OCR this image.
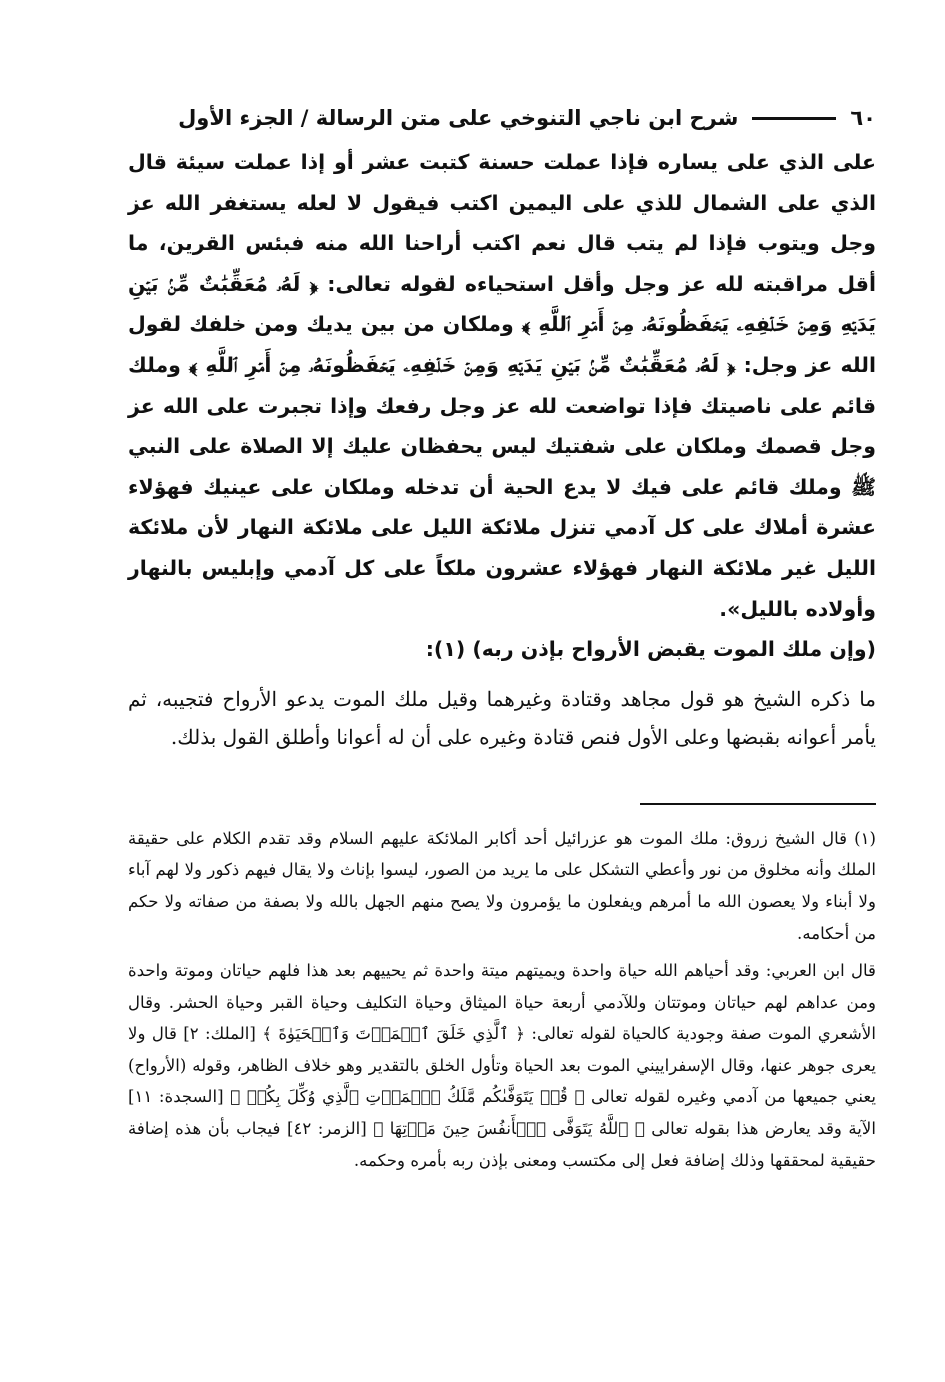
٦٠
شرح ابن ناجي التنوخي على متن الرسالة / الجزء الأول

على الذي على يساره فإذا عملت حسنة كتبت عشر أو إذا عملت سيئة قال الذي على الشمال للذي على اليمين اكتب فيقول لا لعله يستغفر الله عز وجل ويتوب فإذا لم يتب قال نعم اكتب أراحنا الله منه فبئس القرين، ما أقل مراقبته لله عز وجل وأقل استحياءه لقوله تعالى: ﴿ لَهُۥ مُعَقِّبَٰتٌ مِّنۢ بَيۡنِ يَدَيۡهِ وَمِنۡ خَلۡفِهِۦ يَحۡفَظُونَهُۥ مِنۡ أَمۡرِ ٱللَّهِ ﴾ وملكان من بين يديك ومن خلفك لقول الله عز وجل: ﴿ لَهُۥ مُعَقِّبَٰتٌ مِّنۢ بَيۡنِ يَدَيۡهِ وَمِنۡ خَلۡفِهِۦ يَحۡفَظُونَهُۥ مِنۡ أَمۡرِ ٱللَّهِ ﴾ وملك قائم على ناصيتك فإذا تواضعت لله عز وجل رفعك وإذا تجبرت على الله عز وجل قصمك وملكان على شفتيك ليس يحفظان عليك إلا الصلاة على النبي ﷺ وملك قائم على فيك لا يدع الحية أن تدخله وملكان على عينيك فهؤلاء عشرة أملاك على كل آدمي تنزل ملائكة الليل على ملائكة النهار لأن ملائكة الليل غير ملائكة النهار فهؤلاء عشرون ملكاً على كل آدمي وإبليس بالنهار وأولاده بالليل».

(وإن ملك الموت يقبض الأرواح بإذن ربه) (١):

ما ذكره الشيخ هو قول مجاهد وقتادة وغيرهما وقيل ملك الموت يدعو الأرواح فتجيبه، ثم يأمر أعوانه بقبضها وعلى الأول فنص قتادة وغيره على أن له أعوانا وأطلق القول بذلك.

(١) قال الشيخ زروق: ملك الموت هو عزرائيل أحد أكابر الملائكة عليهم السلام وقد تقدم الكلام على حقيقة الملك وأنه مخلوق من نور وأعطي التشكل على ما يريد من الصور، ليسوا بإناث ولا يقال فيهم ذكور ولا لهم آباء ولا أبناء ولا يعصون الله ما أمرهم ويفعلون ما يؤمرون ولا يصح منهم الجهل بالله ولا بصفة من صفاته ولا حكم من أحكامه.

قال ابن العربي: وقد أحياهم الله حياة واحدة ويميتهم ميتة واحدة ثم يحييهم بعد هذا فلهم حياتان وموتة واحدة ومن عداهم لهم حياتان وموتتان وللآدمي أربعة حياة الميثاق وحياة التكليف وحياة القبر وحياة الحشر. وقال الأشعري الموت صفة وجودية كالحياة لقوله تعالى: ﴿ ٱلَّذِي خَلَقَ ٱلۡمَوۡتَ وَٱلۡحَيَوٰةَ ﴾ [الملك: ٢] قال ولا يعرى جوهر عنها، وقال الإسفراييني الموت بعد الحياة وتأول الخلق بالتقدير وهو خلاف الظاهر، وقوله (الأرواح) يعني جميعها من آدمي وغيره لقوله تعالى ﴿ قُلۡ يَتَوَفَّىٰكُم مَّلَكُ ٱلۡمَوۡتِ ٱلَّذِي وُكِّلَ بِكُمۡ ﴾ [السجدة: ١١] الآية وقد يعارض هذا بقوله تعالى ﴿ ٱللَّهُ يَتَوَفَّى ٱلۡأَنفُسَ حِينَ مَوۡتِهَا ﴾ [الزمر: ٤٢] فيجاب بأن هذه إضافة حقيقية لمحققها وذلك إضافة فعل إلى مكتسب ومعنى بإذن ربه بأمره وحكمه.
